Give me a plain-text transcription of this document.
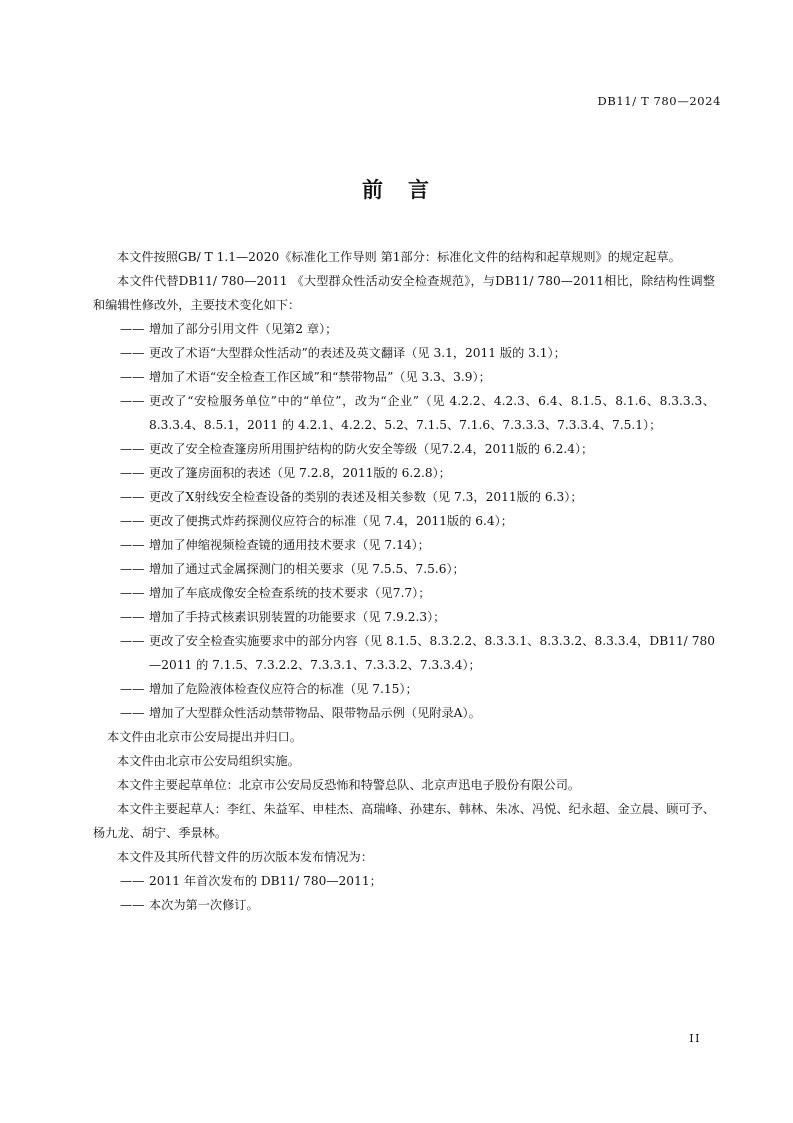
DB11/ T 780—2024
前　言

本文件按照GB/ T 1.1—2020《标准化工作导则 第1部分：标准化文件的结构和起草规则》的规定起草。

本文件代替DB11/ 780—2011 《大型群众性活动安全检查规范》，与DB11/ 780—2011相比，除结构性调整和编辑性修改外，主要技术变化如下：

—— 增加了部分引用文件（见第2 章）；

—— 更改了术语“大型群众性活动”的表述及英文翻译（见 3.1，2011 版的 3.1）；

—— 增加了术语“安全检查工作区域”和“禁带物品”（见 3.3、3.9）；

—— 更改了“安检服务单位”中的“单位”，改为“企业”（见 4.2.2、4.2.3、6.4、8.1.5、8.1.6、8.3.3.3、8.3.3.4、8.5.1，2011 的 4.2.1、4.2.2、5.2、7.1.5、7.1.6、7.3.3.3、7.3.3.4、7.5.1）；

—— 更改了安全检查篷房所用围护结构的防火安全等级（见7.2.4，2011版的 6.2.4）；

—— 更改了篷房面积的表述（见 7.2.8，2011版的 6.2.8）；

—— 更改了X射线安全检查设备的类别的表述及相关参数（见 7.3，2011版的 6.3）；

—— 更改了便携式炸药探测仪应符合的标准（见 7.4，2011版的 6.4）；

—— 增加了伸缩视频检查镜的通用技术要求（见 7.14）；

—— 增加了通过式金属探测门的相关要求（见 7.5.5、7.5.6）；

—— 增加了车底成像安全检查系统的技术要求（见7.7）；

—— 增加了手持式核素识别装置的功能要求（见 7.9.2.3）；

—— 更改了安全检查实施要求中的部分内容（见 8.1.5、8.3.2.2、8.3.3.1、8.3.3.2、8.3.3.4，DB11/ 780—2011 的 7.1.5、7.3.2.2、7.3.3.1、7.3.3.2、7.3.3.4）；

—— 增加了危险液体检查仪应符合的标准（见 7.15）；

—— 增加了大型群众性活动禁带物品、限带物品示例（见附录A）。

本文件由北京市公安局提出并归口。

本文件由北京市公安局组织实施。

本文件主要起草单位：北京市公安局反恐怖和特警总队、北京声迅电子股份有限公司。

本文件主要起草人：李红、朱益军、申桂杰、高瑞峰、孙建东、韩林、朱冰、冯悦、纪永超、金立晨、顾可予、杨九龙、胡宁、季景林。

本文件及其所代替文件的历次版本发布情况为：

—— 2011 年首次发布的 DB11/ 780—2011；

—— 本次为第一次修订。

II
